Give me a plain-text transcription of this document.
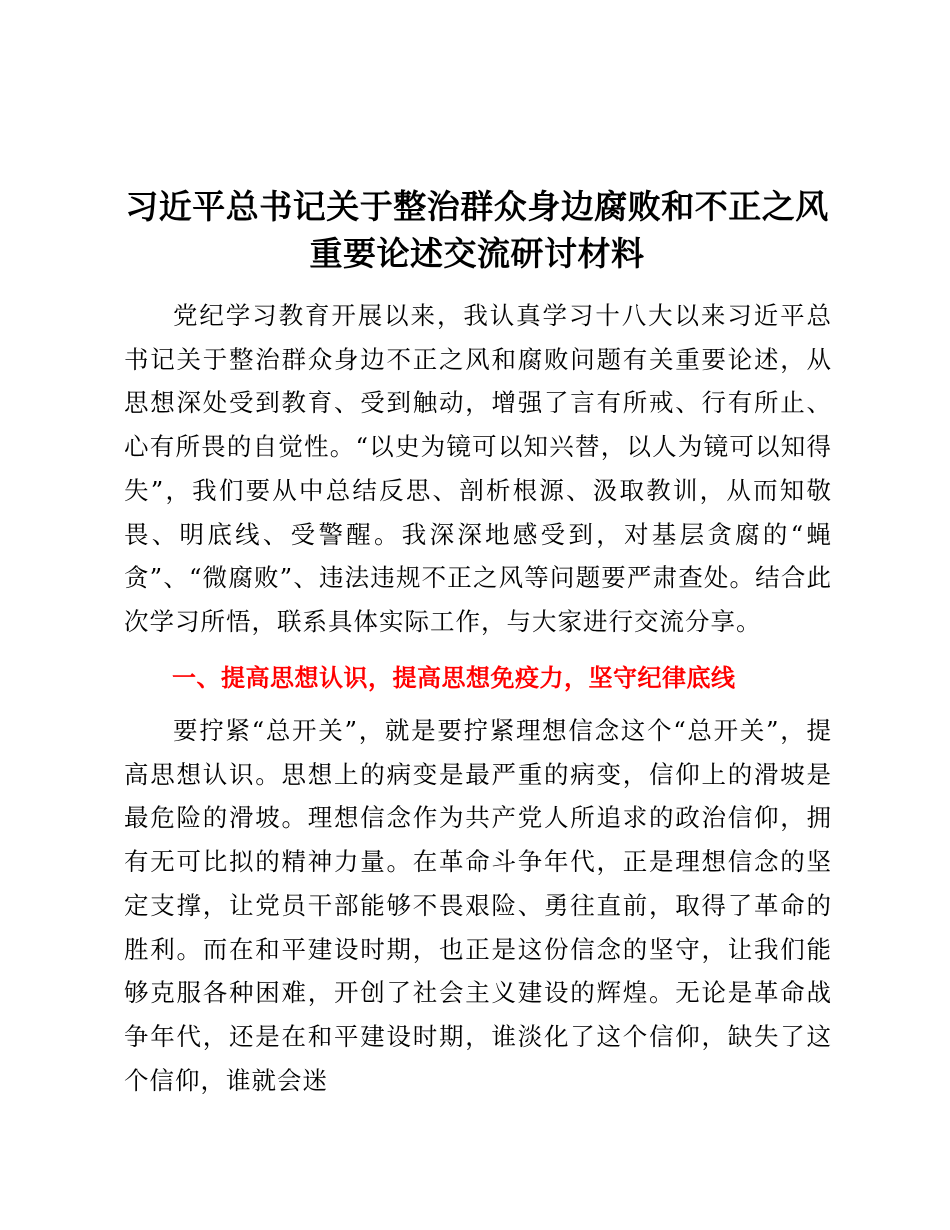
习近平总书记关于整治群众身边腐败和不正之风重要论述交流研讨材料

党纪学习教育开展以来，我认真学习十八大以来习近平总书记关于整治群众身边不正之风和腐败问题有关重要论述，从思想深处受到教育、受到触动，增强了言有所戒、行有所止、心有所畏的自觉性。“以史为镜可以知兴替，以人为镜可以知得失”，我们要从中总结反思、剖析根源、汲取教训，从而知敬畏、明底线、受警醒。我深深地感受到，对基层贪腐的“蝇贪”、“微腐败”、违法违规不正之风等问题要严肃查处。结合此次学习所悟，联系具体实际工作，与大家进行交流分享。

一、提高思想认识，提高思想免疫力，坚守纪律底线

要拧紧“总开关”，就是要拧紧理想信念这个“总开关”，提高思想认识。思想上的病变是最严重的病变，信仰上的滑坡是最危险的滑坡。理想信念作为共产党人所追求的政治信仰，拥有无可比拟的精神力量。在革命斗争年代，正是理想信念的坚定支撑，让党员干部能够不畏艰险、勇往直前，取得了革命的胜利。而在和平建设时期，也正是这份信念的坚守，让我们能够克服各种困难，开创了社会主义建设的辉煌。无论是革命战争年代，还是在和平建设时期，谁淡化了这个信仰，缺失了这个信仰，谁就会迷
